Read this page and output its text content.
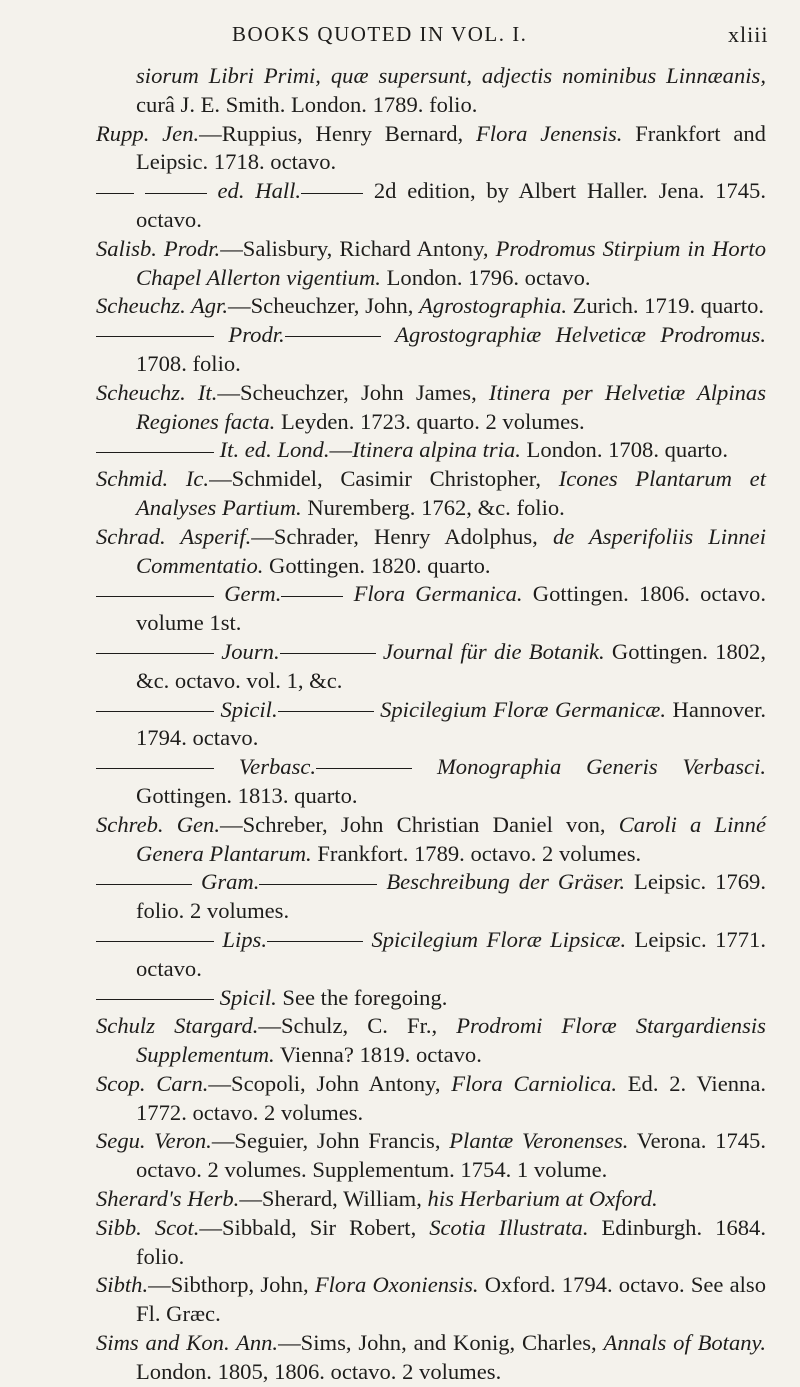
BOOKS QUOTED IN VOL. I.	xliii
siorum Libri Primi, quæ supersunt, adjectis nominibus Linnæanis, curâ J. E. Smith. London. 1789. folio.
Rupp. Jen.—Ruppius, Henry Bernard, Flora Jenensis. Frankfort and Leipsic. 1718. octavo.
ed. Hall.	2d edition, by Albert Haller. Jena. 1745. octavo.
Salisb. Prodr.—Salisbury, Richard Antony, Prodromus Stirpium in Horto Chapel Allerton vigentium. London. 1796. octavo.
Scheuchz. Agr.—Scheuchzer, John, Agrostographia. Zurich. 1719. quarto.
Prodr.	Agrostographiæ Helveticæ Prodromus. 1708. folio.
Scheuchz. It.—Scheuchzer, John James, Itinera per Helvetiæ Alpinas Regiones facta. Leyden. 1723. quarto. 2 volumes.
It. ed. Lond.—Itinera alpina tria. London. 1708. quarto.
Schmid. Ic.—Schmidel, Casimir Christopher, Icones Plantarum et Analyses Partium. Nuremberg. 1762, &c. folio.
Schrad. Asperif.—Schrader, Henry Adolphus, de Asperifoliis Linnei Commentatio. Gottingen. 1820. quarto.
Germ.	Flora Germanica. Gottingen. 1806. octavo. volume 1st.
Journ.	Journal für die Botanik. Gottingen. 1802, &c. octavo. vol. 1, &c.
Spicil.	Spicilegium Floræ Germanicæ. Hannover. 1794. octavo.
Verbasc.	Monographia Generis Verbasci. Gottingen. 1813. quarto.
Schreb. Gen.—Schreber, John Christian Daniel von, Caroli a Linné Genera Plantarum. Frankfort. 1789. octavo. 2 volumes.
Gram.	Beschreibung der Gräser. Leipsic. 1769. folio. 2 volumes.
Lips.	Spicilegium Floræ Lipsicæ. Leipsic. 1771. octavo.
Spicil. See the foregoing.
Schulz Stargard.—Schulz, C. Fr., Prodromi Floræ Stargardiensis Supplementum. Vienna? 1819. octavo.
Scop. Carn.—Scopoli, John Antony, Flora Carniolica. Ed. 2. Vienna. 1772. octavo. 2 volumes.
Segu. Veron.—Seguier, John Francis, Plantæ Veronenses. Verona. 1745. octavo. 2 volumes. Supplementum. 1754. 1 volume.
Sherard's Herb.—Sherard, William, his Herbarium at Oxford.
Sibb. Scot.—Sibbald, Sir Robert, Scotia Illustrata. Edinburgh. 1684. folio.
Sibth.—Sibthorp, John, Flora Oxoniensis. Oxford. 1794. octavo. See also Fl. Græc.
Sims and Kon. Ann.—Sims, John, and Konig, Charles, Annals of Botany. London. 1805, 1806. octavo. 2 volumes.
